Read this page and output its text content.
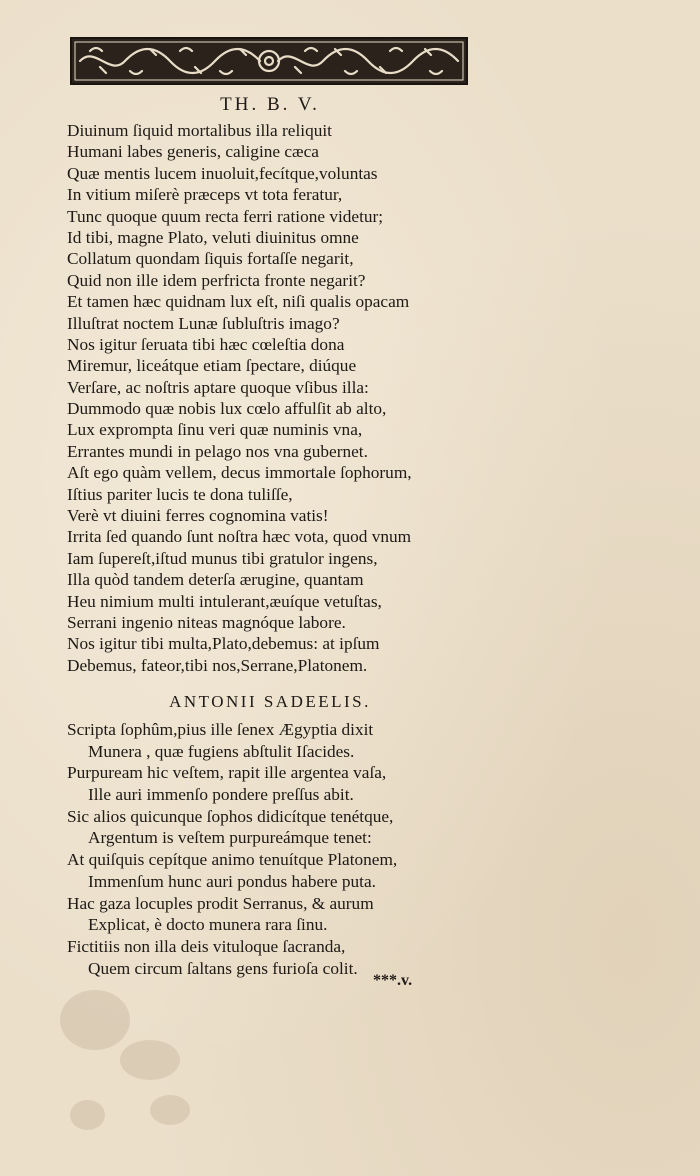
TH. B. V.
Diuinum ſiquid mortalibus illa reliquit
Humani labes generis, caligine cæca
Quæ mentis lucem inuoluit,fecítque,voluntas
In vitium miſerè præceps vt tota feratur,
Tunc quoque quum recta ferri ratione videtur;
Id tibi, magne Plato, veluti diuinitus omne
Collatum quondam ſiquis fortaſſe negarit,
Quid non ille idem perfricta fronte negarit?
Et tamen hæc quidnam lux eſt, niſi qualis opacam
Illuſtrat noctem Lunæ ſubluſtris imago?
Nos igitur ſeruata tibi hæc cœleſtia dona
Miremur, liceátque etiam ſpectare, diúque
Verſare, ac noſtris aptare quoque vſibus illa:
Dummodo quæ nobis lux cœlo affulſit ab alto,
Lux exprompta ſinu veri quæ numinis vna,
Errantes mundi in pelago nos vna gubernet.
Aſt ego quàm vellem, decus immortale ſophorum,
Iſtius pariter lucis te dona tuliſſe,
Verè vt diuini ferres cognomina vatis!
Irrita ſed quando ſunt noſtra hæc vota, quod vnum
Iam ſupereſt,iſtud munus tibi gratulor ingens,
Illa quòd tandem deterſa ærugine, quantam
Heu nimium multi intulerant,æuíque vetuſtas,
Serrani ingenio niteas magnóque labore.
Nos igitur tibi multa,Plato,debemus: at ipſum
Debemus, fateor,tibi nos,Serrane,Platonem.
ANTONII SADEELIS.
Scripta ſophûm,pius ille ſenex Ægyptia dixit
Munera , quæ fugiens abſtulit Iſacides.
Purpuream hic veſtem, rapit ille argentea vaſa,
Ille auri immenſo pondere preſſus abit.
Sic alios quicunque ſophos didicítque tenétque,
Argentum is veſtem purpureámque tenet:
At quiſquis cepítque animo tenuítque Platonem,
Immenſum hunc auri pondus habere puta.
Hac gaza locuples prodit Serranus, & aurum
Explicat, è docto munera rara ſinu.
Fictitiis non illa deis vituloque ſacranda,
Quem circum ſaltans gens furioſa colit.
***.v.
